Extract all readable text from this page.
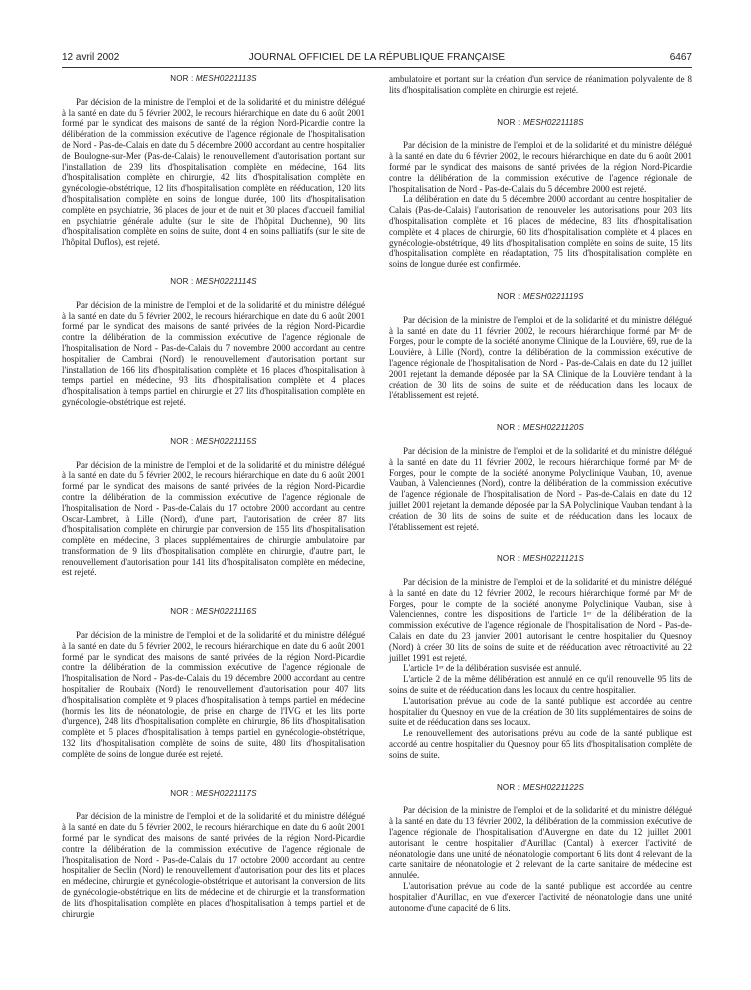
12 avril 2002	JOURNAL OFFICIEL DE LA RÉPUBLIQUE FRANÇAISE	6467

NOR : MESH0221113S

Par décision de la ministre de l'emploi et de la solidarité et du ministre délégué à la santé en date du 5 février 2002, le recours hiérarchique en date du 6 août 2001 formé par le syndicat des maisons de santé de la région Nord-Picardie contre la délibération de la commission exécutive de l'agence régionale de l'hospitalisation de Nord - Pas-de-Calais en date du 5 décembre 2000 accordant au centre hospitalier de Boulogne-sur-Mer (Pas-de-Calais) le renouvellement d'autorisation portant sur l'installation de 239 lits d'hospitalisation complète en médecine, 164 lits d'hospitalisation complète en chirurgie, 42 lits d'hospitalisation complète en gynécologie-obstétrique, 12 lits d'hospitalisation complète en rééducation, 120 lits d'hospitalisation complète en soins de longue durée, 100 lits d'hospitalisation complète en psychiatrie, 36 places de jour et de nuit et 30 places d'accueil familial en psychiatrie générale adulte (sur le site de l'hôpital Duchenne), 90 lits d'hospitalisation complète en soins de suite, dont 4 en soins palliatifs (sur le site de l'hôpital Duflos), est rejeté.

NOR : MESH0221114S

Par décision de la ministre de l'emploi et de la solidarité et du ministre délégué à la santé en date du 5 février 2002, le recours hiérarchique en date du 6 août 2001 formé par le syndicat des maisons de santé privées de la région Nord-Picardie contre la délibération de la commission exécutive de l'agence régionale de l'hospitalisation de Nord - Pas-de-Calais du 7 novembre 2000 accordant au centre hospitalier de Cambrai (Nord) le renouvellement d'autorisation portant sur l'installation de 166 lits d'hospitalisation complète et 16 places d'hospitalisation à temps partiel en médecine, 93 lits d'hospitalisation complète et 4 places d'hospitalisation à temps partiel en chirurgie et 27 lits d'hospitalisation complète en gynécologie-obstétrique est rejeté.

NOR : MESH0221115S

Par décision de la ministre de l'emploi et de la solidarité et du ministre délégué à la santé en date du 5 février 2002, le recours hiérarchique en date du 6 août 2001 formé par le syndicat des maisons de santé privées de la région Nord-Picardie contre la délibération de la commission exécutive de l'agence régionale de l'hospitalisation de Nord - Pas-de-Calais du 17 octobre 2000 accordant au centre Oscar-Lambret, à Lille (Nord), d'une part, l'autorisation de créer 87 lits d'hospitalisation complète en chirurgie par conversion de 155 lits d'hospitalisation complète en médecine, 3 places supplémentaires de chirurgie ambulatoire par transformation de 9 lits d'hospitalisation complète en chirurgie, d'autre part, le renouvellement d'autorisation pour 141 lits d'hospitalisaton complète en médecine, est rejeté.

NOR : MESH0221116S

Par décision de la ministre de l'emploi et de la solidarité et du ministre délégué à la santé en date du 5 février 2002, le recours hiérarchique en date du 6 août 2001 formé par le syndicat des maisons de santé privées de la région Nord-Picardie contre la délibération de la commission exécutive de l'agence régionale de l'hospitalisation de Nord - Pas-de-Calais du 19 décembre 2000 accordant au centre hospitalier de Roubaix (Nord) le renouvellement d'autorisation pour 407 lits d'hospitalisation complète et 9 places d'hospitalisation à temps partiel en médecine (hormis les lits de néonatologie, de prise en charge de l'IVG et les lits porte d'urgence), 248 lits d'hospitalisation complète en chirurgie, 86 lits d'hospitalisation complète et 5 places d'hospitalisation à temps partiel en gynécologie-obstétrique, 132 lits d'hospitalisation complète de soins de suite, 480 lits d'hospitalisation complète de soins de longue durée est rejeté.

NOR : MESH0221117S

Par décision de la ministre de l'emploi et de la solidarité et du ministre délégué à la santé en date du 5 février 2002, le recours hiérarchique en date du 6 août 2001 formé par le syndicat des maisons de santé privées de la région Nord-Picardie contre la délibération de la commission exécutive de l'agence régionale de l'hospitalisation de Nord - Pas-de-Calais du 17 octobre 2000 accordant au centre hospitalier de Seclin (Nord) le renouvellement d'autorisation pour des lits et places en médecine, chirurgie et gynécologie-obstétrique et autorisant la conversion de lits de gynécologie-obstétrique en lits de médecine et de chirurgie et la transformation de lits d'hospitalisation complète en places d'hospitalisation à temps partiel et de chirurgie

ambulatoire et portant sur la création d'un service de réanimation polyvalente de 8 lits d'hospitalisation complète en chirurgie est rejeté.

NOR : MESH0221118S

Par décision de la ministre de l'emploi et de la solidarité et du ministre délégué à la santé en date du 6 février 2002, le recours hiérarchique en date du 6 août 2001 formé par le syndicat des maisons de santé privées de la région Nord-Picardie contre la délibération de la commission exécutive de l'agence régionale de l'hospitalisation de Nord - Pas-de-Calais du 5 décembre 2000 est rejeté.

La délibération en date du 5 décembre 2000 accordant au centre hospitalier de Calais (Pas-de-Calais) l'autorisation de renouveler les autorisations pour 203 lits d'hospitalisation complète et 16 places de médecine, 83 lits d'hospitalisation complète et 4 places de chirurgie, 60 lits d'hospitalisation complète et 4 places en gynécologie-obstétrique, 49 lits d'hospitalisation complète en soins de suite, 15 lits d'hospitalisation complète en réadaptation, 75 lits d'hospitalisation complète en soins de longue durée est confirmée.

NOR : MESH0221119S

Par décision de la ministre de l'emploi et de la solidarité et du ministre délégué à la santé en date du 11 février 2002, le recours hiérarchique formé par Mᵉ de Forges, pour le compte de la société anonyme Clinique de la Louvière, 69, rue de la Louvière, à Lille (Nord), contre la délibération de la commission exécutive de l'agence régionale de l'hospitalisation de Nord - Pas-de-Calais en date du 12 juillet 2001 rejetant la demande déposée par la SA Clinique de la Louvière tendant à la création de 30 lits de soins de suite et de rééducation dans les locaux de l'établissement est rejeté.

NOR : MESH0221120S

Par décision de la ministre de l'emploi et de la solidarité et du ministre délégué à la santé en date du 11 février 2002, le recours hiérarchique formé par Mᵉ de Forges, pour le compte de la société anonyme Polyclinique Vauban, 10, avenue Vauban, à Valenciennes (Nord), contre la délibération de la commission exécutive de l'agence régionale de l'hospitalisation de Nord - Pas-de-Calais en date du 12 juillet 2001 rejetant la demande déposée par la SA Polyclinique Vauban tendant à la création de 30 lits de soins de suite et de rééducation dans les locaux de l'établissement est rejeté.

NOR : MESH0221121S

Par décision de la ministre de l'emploi et de la solidarité et du ministre délégué à la santé en date du 12 février 2002, le recours hiérarchique formé par Mᵉ de Forges, pour le compte de la société anonyme Polyclinique Vauban, sise à Valenciennes, contre les dispositions de l'article 1ᵉʳ de la délibération de la commission exécutive de l'agence régionale de l'hospitalisation de Nord - Pas-de-Calais en date du 23 janvier 2001 autorisant le centre hospitalier du Quesnoy (Nord) à créer 30 lits de soins de suite et de rééducation avec rétroactivité au 22 juillet 1991 est rejeté.

L'article 1ᵉʳ de la délibération susvisée est annulé.

L'article 2 de la même délibération est annulé en ce qu'il renouvelle 95 lits de soins de suite et de rééducation dans les locaux du centre hospitalier.

L'autorisation prévue au code de la santé publique est accordée au centre hospitalier du Quesnoy en vue de la création de 30 lits supplémentaires de soins de suite et de rééducation dans ses locaux.

Le renouvellement des autorisations prévu au code de la santé publique est accordé au centre hospitalier du Quesnoy pour 65 lits d'hospitalisation complète de soins de suite.

NOR : MESH0221122S

Par décision de la ministre de l'emploi et de la solidarité et du ministre délégué à la santé en date du 13 février 2002, la délibération de la commission exécutive de l'agence régionale de l'hospitalisation d'Auvergne en date du 12 juillet 2001 autorisant le centre hospitalier d'Aurillac (Cantal) à exercer l'activité de néonatologie dans une unité de néonatologie comportant 6 lits dont 4 relevant de la carte sanitaire de néonatologie et 2 relevant de la carte sanitaire de médecine est annulée.

L'autorisation prévue au code de la santé publique est accordée au centre hospitalier d'Aurillac, en vue d'exercer l'activité de néonatologie dans une unité autonome d'une capacité de 6 lits.
